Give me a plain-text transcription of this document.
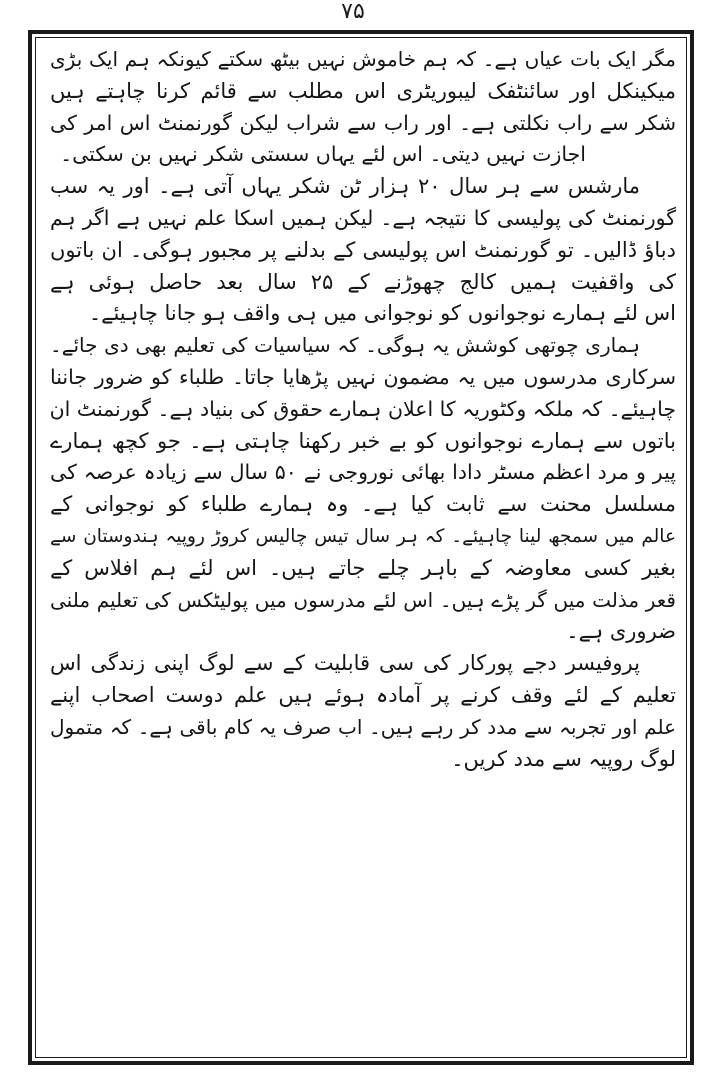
۷۵
مگر ایک بات عیاں ہے۔ کہ ہم خاموش نہیں بیٹھ سکتے کیونکہ ہم ایک بڑی
میکینکل اور سائنٹفک لیبوریٹری اس مطلب سے قائم کرنا چاہتے ہیں
شکر سے راب نکلتی ہے۔ اور راب سے شراب لیکن گورنمنٹ اس امر کی
اجازت نہیں دیتی۔ اس لئے یہاں سستی شکر نہیں بن سکتی۔
مارشس سے ہر سال ۲۰ ہزار ٹن شکر یہاں آتی ہے۔ اور یہ سب
گورنمنٹ کی پولیسی کا نتیجہ ہے۔ لیکن ہمیں اسکا علم نہیں ہے اگر ہم
دباؤ ڈالیں۔ تو گورنمنٹ اس پولیسی کے بدلنے پر مجبور ہوگی۔ ان باتوں
کی واقفیت ہمیں کالج چھوڑنے کے ۲۵ سال بعد حاصل ہوئی ہے
اس لئے ہمارے نوجوانوں کو نوجوانی میں ہی واقف ہو جانا چاہیئے۔
ہماری چوتھی کوشش یہ ہوگی۔ کہ سیاسیات کی تعلیم بھی دی جائے۔
سرکاری مدرسوں میں یہ مضمون نہیں پڑھایا جاتا۔ طلباء کو ضرور جاننا
چاہیئے۔ کہ ملکہ وکٹوریہ کا اعلان ہمارے حقوق کی بنیاد ہے۔ گورنمنٹ ان
باتوں سے ہمارے نوجوانوں کو بے خبر رکھنا چاہتی ہے۔ جو کچھ ہمارے
پیر و مرد اعظم مسٹر دادا بھائی نوروجی نے ۵۰ سال سے زیادہ عرصہ کی
مسلسل محنت سے ثابت کیا ہے۔ وہ ہمارے طلباء کو نوجوانی کے
عالم میں سمجھ لینا چاہیئے۔ کہ ہر سال تیس چالیس کروڑ روپیہ ہندوستان سے
بغیر کسی معاوضہ کے باہر چلے جاتے ہیں۔ اس لئے ہم افلاس کے
قعر مذلت میں گر پڑے ہیں۔ اس لئے مدرسوں میں پولیٹکس کی تعلیم ملنی
ضروری ہے۔
پروفیسر دجے پورکار کی سی قابلیت کے سے لوگ اپنی زندگی اس
تعلیم کے لئے وقف کرنے پر آمادہ ہوئے ہیں علم دوست اصحاب اپنے
علم اور تجربہ سے مدد کر رہے ہیں۔ اب صرف یہ کام باقی ہے۔ کہ متمول
لوگ روپیہ سے مدد کریں۔
